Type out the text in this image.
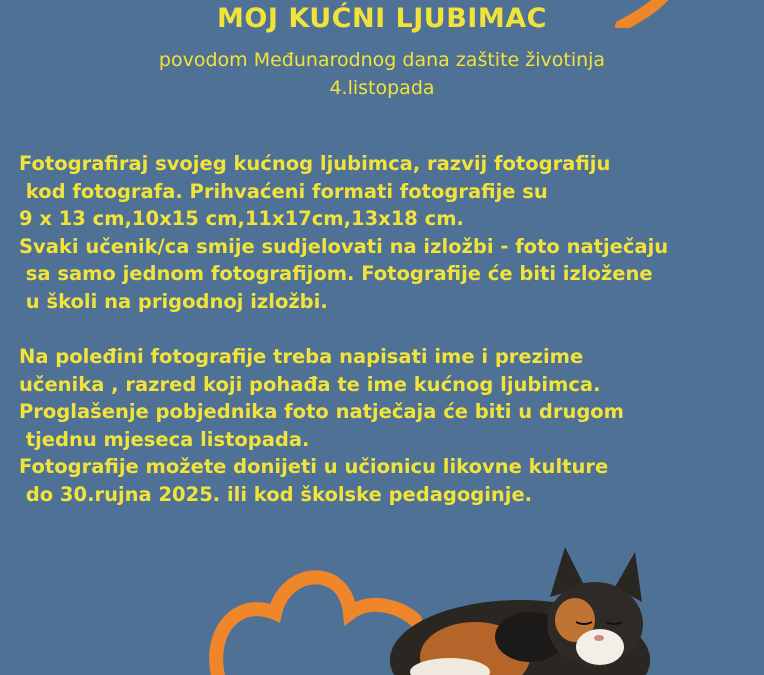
MOJ KUĆNI LJUBIMAC
povodom Međunarodnog dana zaštite životinja
4.listopada

Fotografiraj svojeg kućnog ljubimca, razvij fotografiju

kod fotografa. Prihvaćeni formati fotografije su

9 x 13 cm,10x15 cm,11x17cm,13x18 cm.

Svaki učenik/ca smije sudjelovati na izložbi - foto natječaju

sa samo jednom fotografijom. Fotografije će biti izložene

u školi na prigodnoj izložbi.

Na poleđini fotografije treba napisati ime i prezime

učenika , razred koji pohađa te ime kućnog ljubimca.

Proglašenje pobjednika foto natječaja će biti u drugom

tjednu mjeseca listopada.

Fotografije možete donijeti u učionicu likovne kulture

do 30.rujna 2025. ili kod školske pedagoginje.
